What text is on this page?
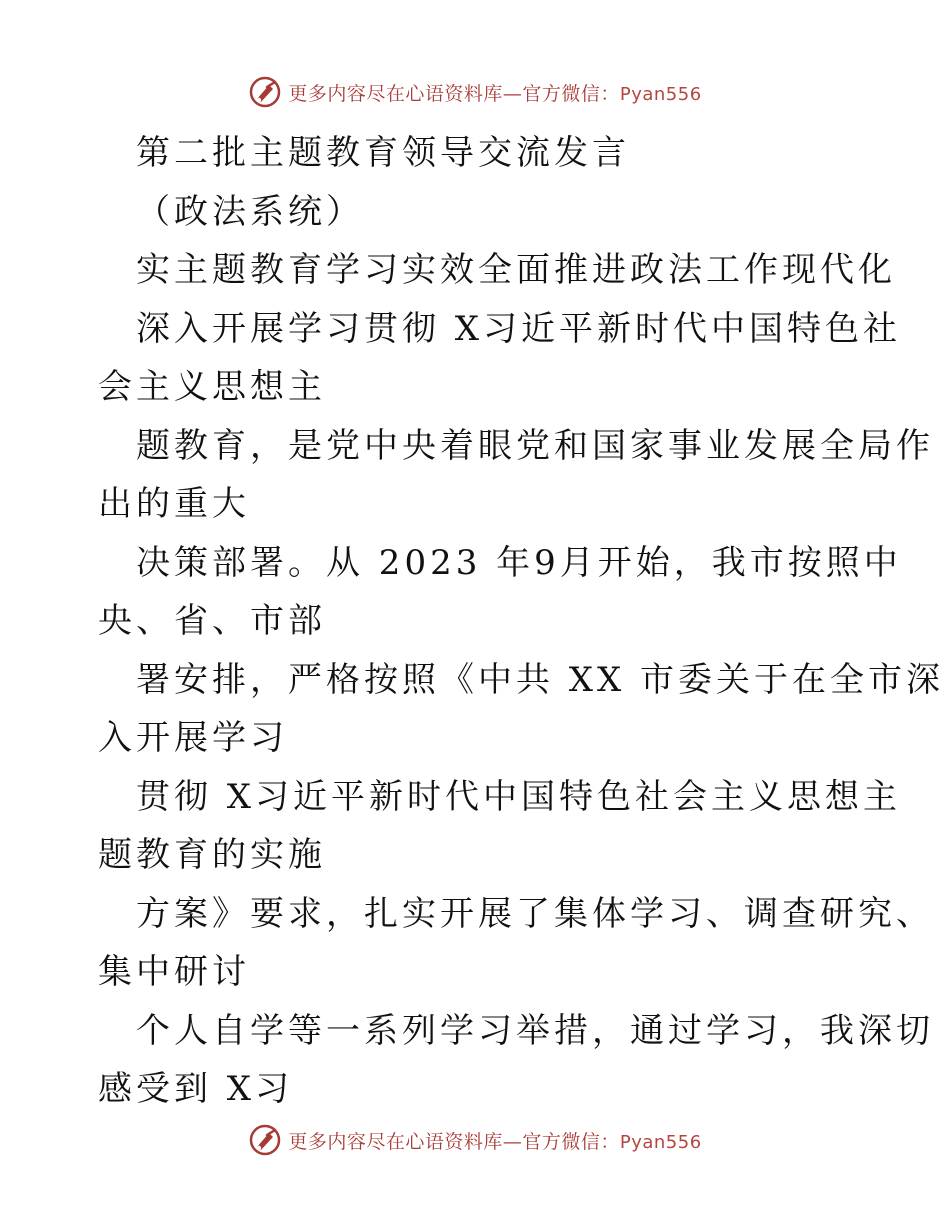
更多内容尽在心语资料库—官方微信：Pyan556
第二批主题教育领导交流发言
（政法系统）
实主题教育学习实效全面推进政法工作现代化
深入开展学习贯彻 X习近平新时代中国特色社
会主义思想主
题教育，是党中央着眼党和国家事业发展全局作
出的重大
决策部署。从 2023 年9月开始，我市按照中
央、省、市部
署安排，严格按照《中共 XX 市委关于在全市深
入开展学习
贯彻 X习近平新时代中国特色社会主义思想主
题教育的实施
方案》要求，扎实开展了集体学习、调查研究、
集中研讨
个人自学等一系列学习举措，通过学习，我深切
感受到 X习
更多内容尽在心语资料库—官方微信：Pyan556
